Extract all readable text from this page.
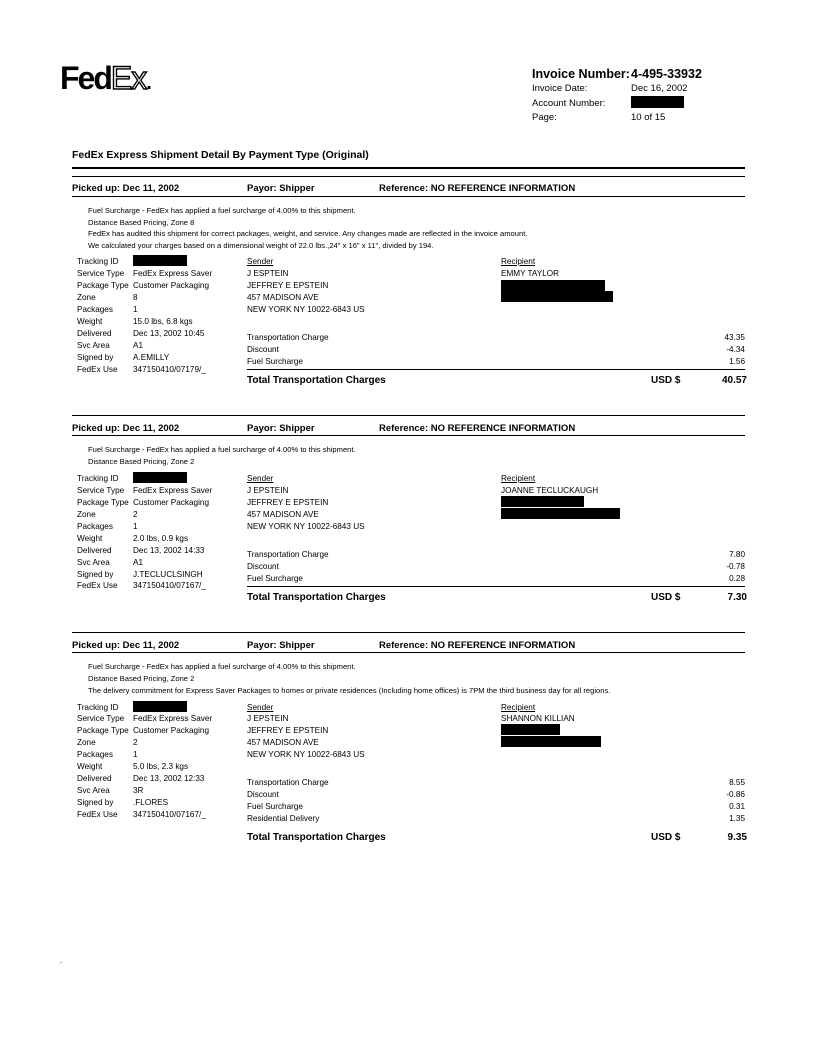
FedEx.	Invoice Number: 4-495-33932
Invoice Date:	Dec 16, 2002
Account Number:
Page:	10 of 15
FedEx Express Shipment Detail By Payment Type (Original)
Picked up: Dec 11, 2002	Payor: Shipper	Reference: NO REFERENCE INFORMATION
Fuel Surcharge - FedEx has applied a fuel surcharge of 4.00% to this shipment.
Distance Based Pricing, Zone 8
FedEx has audited this shipment for correct packages, weight, and service. Any changes made are reflected in the invoice amount.
We calculated your charges based on a dimensional weight of 22.0 lbs.,24" x 16" x 11", divided by 194.
Tracking ID
Service Type FedEx Express Saver
Package Type Customer Packaging
Zone	8
Packages 1
Weight	15.0 lbs, 6.8 kgs
Delivered	Dec 13, 2002 10:45
Svc Area	A1
Signed by A.EMILLY
FedEx Use 347150410/07179/_
Sender
J ESPTEIN
JEFFREY E EPSTEIN
457 MADISON AVE
NEW YORK NY 10022-6843 US
Recipient
EMMY TAYLOR
Transportation Charge	43.35
Discount	-4.34
Fuel Surcharge	1.56
Total Transportation Charges	USD $	40.57
Picked up: Dec 11, 2002	Payor: Shipper	Reference: NO REFERENCE INFORMATION
Fuel Surcharge - FedEx has applied a fuel surcharge of 4.00% to this shipment.
Distance Based Pricing, Zone 2
Tracking ID
Service Type FedEx Express Saver
Package Type Customer Packaging
Zone	2
Packages 1
Weight	2.0 lbs, 0.9 kgs
Delivered	Dec 13, 2002 14:33
Svc Area	A1
Signed by J.TECLUCLSINGH
FedEx Use 347150410/07167/_
Sender
J EPSTEIN
JEFFREY E EPSTEIN
457 MADISON AVE
NEW YORK NY 10022-6843 US
Recipient
JOANNE TECLUCKAUGH
Transportation Charge	7.80
Discount	-0.78
Fuel Surcharge	0.28
Total Transportation Charges	USD $	7.30
Picked up: Dec 11, 2002	Payor: Shipper	Reference: NO REFERENCE INFORMATION
Fuel Surcharge - FedEx has applied a fuel surcharge of 4.00% to this shipment.
Distance Based Pricing, Zone 2
The delivery commitment for Express Saver Packages to homes or private residences (Including home offices) is 7PM the third business day for all regions.
Tracking ID
Service Type FedEx Express Saver
Package Type Customer Packaging
Zone	2
Packages 1
Weight	5.0 lbs, 2.3 kgs
Delivered	Dec 13, 2002 12:33
Svc Area	3R
Signed by .FLORES
FedEx Use 347150410/07167/_
Sender
J EPSTEIN
JEFFREY E EPSTEIN
457 MADISON AVE
NEW YORK NY 10022-6843 US
Recipient
SHANNON KILLIAN
Transportation Charge	8.55
Discount	-0.86
Fuel Surcharge	0.31
Residential Delivery	1.35
Total Transportation Charges	USD $	9.35
.
